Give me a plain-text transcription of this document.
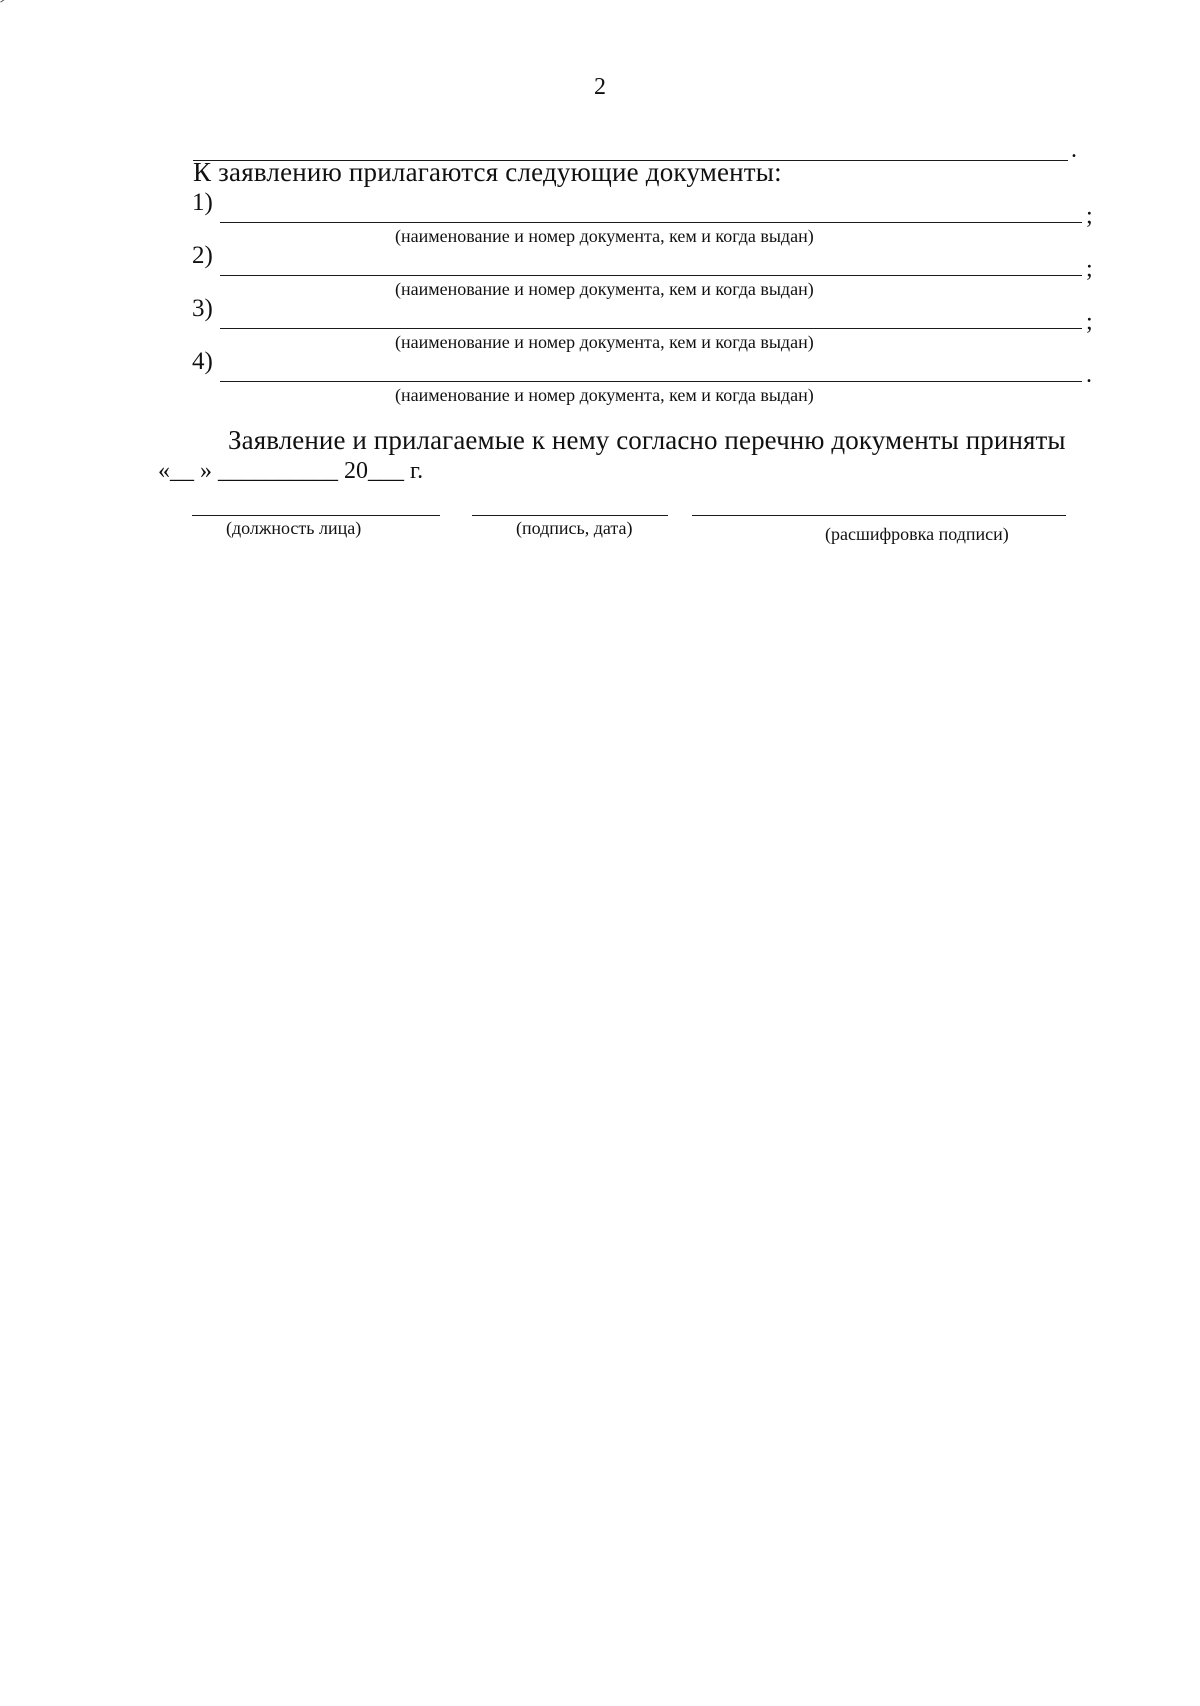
2
.
К заявлению прилагаются следующие документы:
1)	;
(наименование и номер документа, кем и когда выдан)
2)	;
(наименование и номер документа, кем и когда выдан)
3)	;
(наименование и номер документа, кем и когда выдан)
4)	.
(наименование и номер документа, кем и когда выдан)
Заявление и прилагаемые к нему согласно перечню документы приняты
«__ » __________ 20___ г.
(должность лица)	(подпись, дата)	(расшифровка подписи)
